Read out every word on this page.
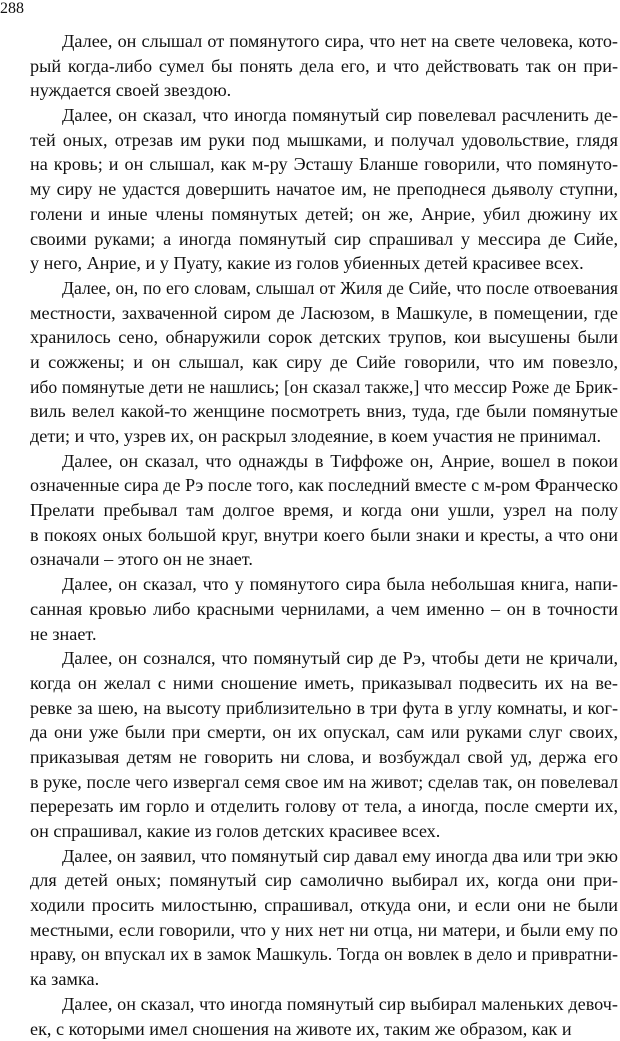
288
Далее, он слышал от помянутого сира, что нет на свете человека, кото-
рый когда-либо сумел бы понять дела его, и что действовать так он при-
нуждается своей звездою.
Далее, он сказал, что иногда помянутый сир повелевал расчленить де-
тей оных, отрезав им руки под мышками, и получал удовольствие, глядя
на кровь; и он слышал, как м-ру Эсташу Бланше говорили, что помянуто-
му сиру не удастся довершить начатое им, не преподнеся дьяволу ступни,
голени и иные члены помянутых детей; он же, Анрие, убил дюжину их
своими руками; а иногда помянутый сир спрашивал у мессира де Сийе,
у него, Анрие, и у Пуату, какие из голов убиенных детей красивее всех.
Далее, он, по его словам, слышал от Жиля де Сийе, что после отвоевания
местности, захваченной сиром де Ласюзом, в Машкуле, в помещении, где
хранилось сено, обнаружили сорок детских трупов, кои высушены были
и сожжены; и он слышал, как сиру де Сийе говорили, что им повезло,
ибо помянутые дети не нашлись; [он сказал также,] что мессир Роже де Брик-
виль велел какой-то женщине посмотреть вниз, туда, где были помянутые
дети; и что, узрев их, он раскрыл злодеяние, в коем участия не принимал.
Далее, он сказал, что однажды в Тиффоже он, Анрие, вошел в покои
означенные сира де Рэ после того, как последний вместе с м-ром Франческо
Прелати пребывал там долгое время, и когда они ушли, узрел на полу
в покоях оных большой круг, внутри коего были знаки и кресты, а что они
означали – этого он не знает.
Далее, он сказал, что у помянутого сира была небольшая книга, напи-
санная кровью либо красными чернилами, а чем именно – он в точности
не знает.
Далее, он сознался, что помянутый сир де Рэ, чтобы дети не кричали,
когда он желал с ними сношение иметь, приказывал подвесить их на ве-
ревке за шею, на высоту приблизительно в три фута в углу комнаты, и ког-
да они уже были при смерти, он их опускал, сам или руками слуг своих,
приказывая детям не говорить ни слова, и возбуждал свой уд, держа его
в руке, после чего извергал семя свое им на живот; сделав так, он повелевал
перерезать им горло и отделить голову от тела, а иногда, после смерти их,
он спрашивал, какие из голов детских красивее всех.
Далее, он заявил, что помянутый сир давал ему иногда два или три экю
для детей оных; помянутый сир самолично выбирал их, когда они при-
ходили просить милостыню, спрашивал, откуда они, и если они не были
местными, если говорили, что у них нет ни отца, ни матери, и были ему по
нраву, он впускал их в замок Машкуль. Тогда он вовлек в дело и привратни-
ка замка.
Далее, он сказал, что иногда помянутый сир выбирал маленьких девоч-
ек, с которыми имел сношения на животе их, таким же образом, как и
